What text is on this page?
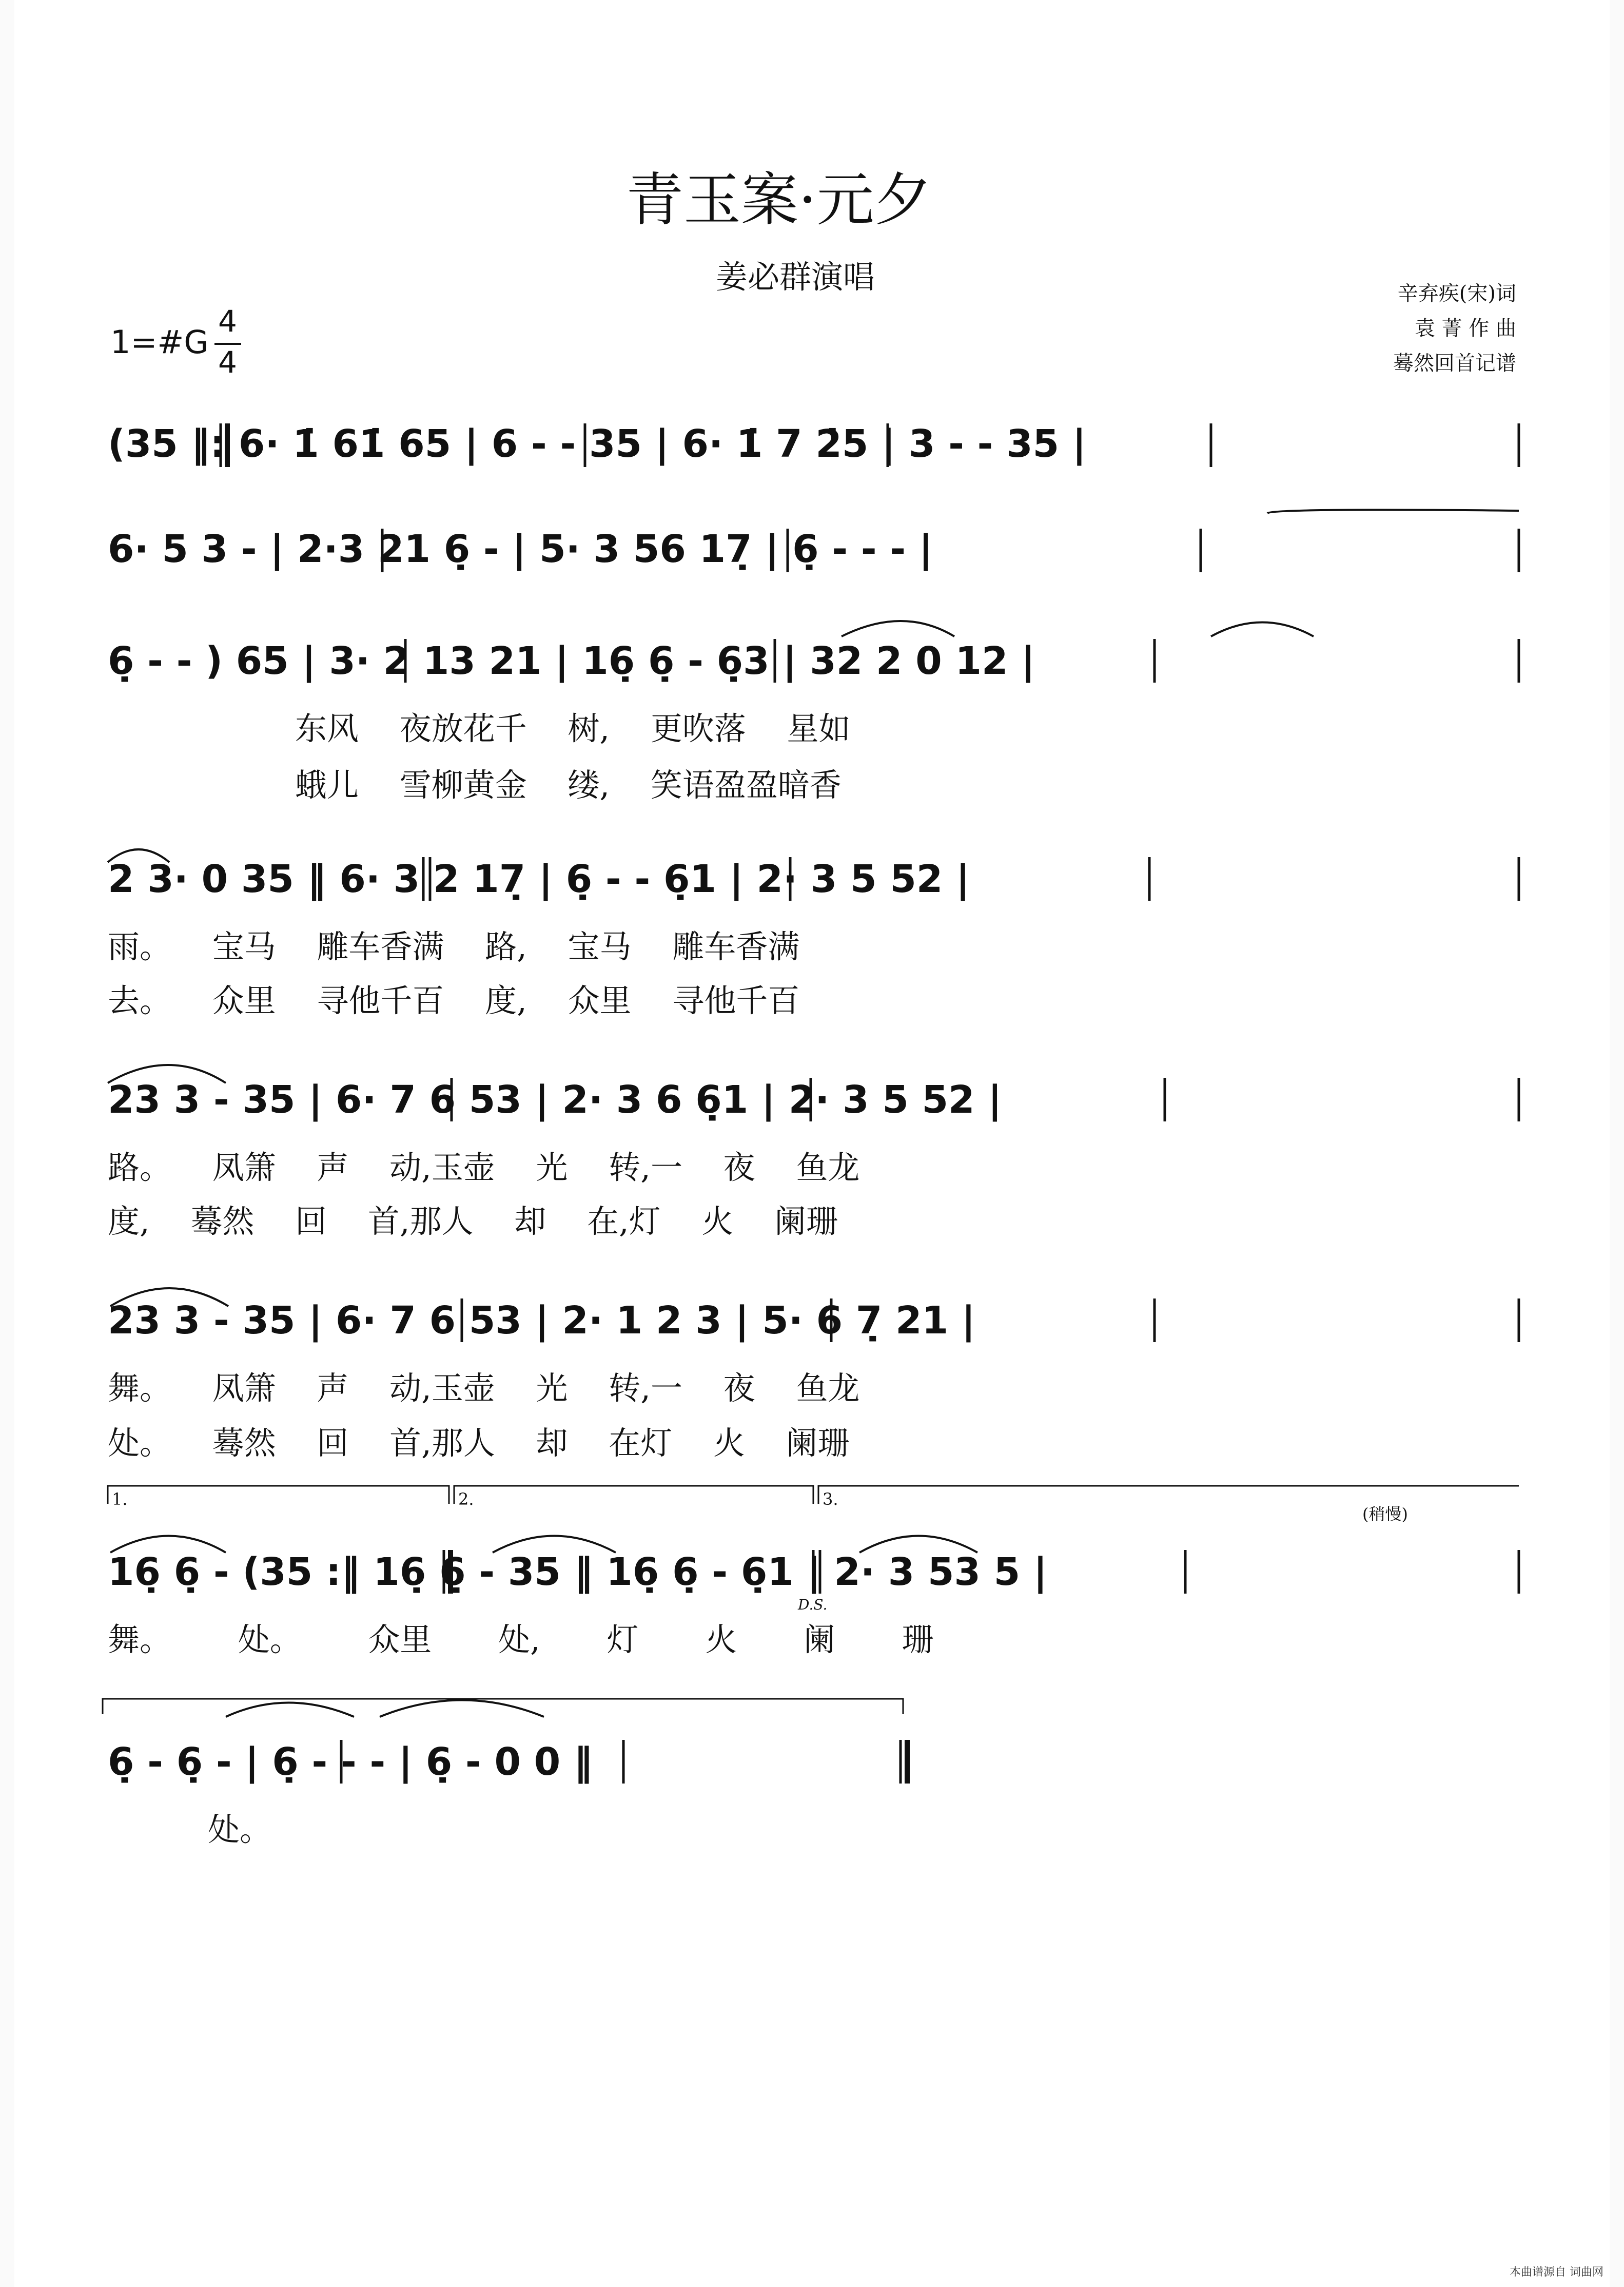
青玉案·元夕
姜必群演唱	辛弃疾(宋)词
袁 菁 作 曲
蓦然回首记谱
1=#G
4
4
1.	2.	3.
(稍慢)
D.S.
(35 ‖: 6· 1̇ 61̇ 65 | 6 - - 35 | 6· 1̇ 7 2̇5 | 3 - - 35 |
6· 5 3 - | 2·3 21 6̣ - | 5· 3 56 17̣ | 6̣ - - - |
6̣ - - ) 65 | 3· 2 13 21 | 16̣ 6̣ - 6̣3 | 32 2 0 12 |
东风 夜放花千 树, 更吹落 星如
蛾儿 雪柳黄金 缕, 笑语盈盈暗香
2 3· 0 35 ‖ 6· 3 2 17̣ | 6̣ - - 6̣1 | 2· 3 5 52 |
雨。 宝马 雕车香满 路, 宝马 雕车香满
去。 众里 寻他千百 度, 众里 寻他千百
23 3 - 35 | 6· 7 6 53 | 2· 3 6 6̣1 | 2· 3 5 52 |
路。 凤箫 声 动,玉壶 光 转,一 夜 鱼龙
度, 蓦然 回 首,那人 却 在,灯 火 阑珊
23 3 - 35 | 6· 7 6 53 | 2· 1 2 3 | 5· 6 7̣ 21 |
舞。 凤箫 声 动,玉壶 光 转,一 夜 鱼龙
处。 蓦然 回 首,那人 却 在灯 火 阑珊
16̣ 6̣ - (35 :‖ 16̣ 6̣ - 35 ‖ 16̣ 6̣ - 6̣1 | 2· 3 53 5 |
舞。 处。 众里 处, 灯 火 阑 珊
6̣ - 6̣ - | 6̣ - - - | 6̣ - 0 0 ‖
处。
本曲谱源自 词曲网
